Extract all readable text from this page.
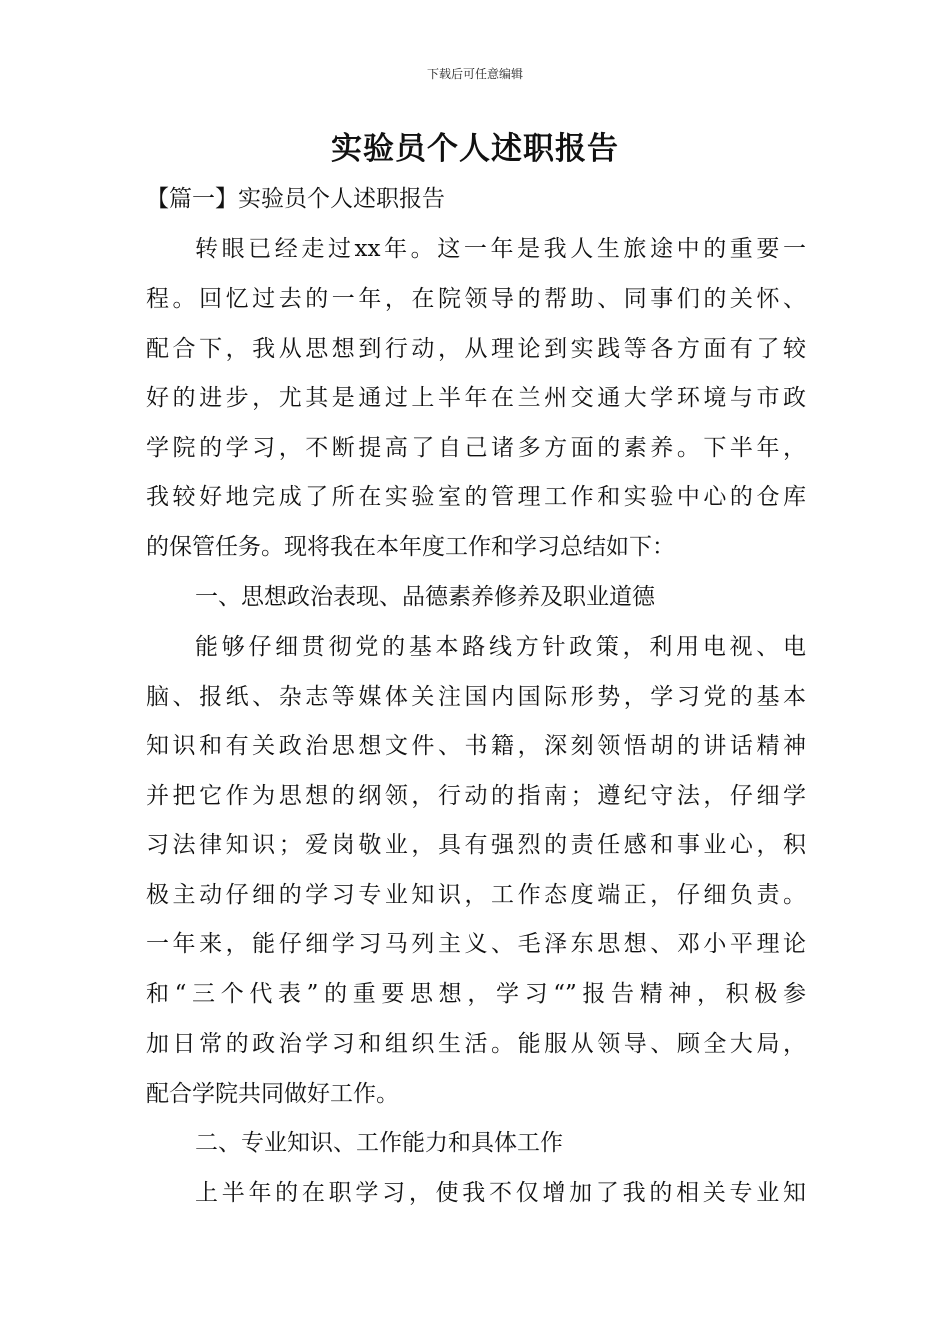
下载后可任意编辑
实验员个人述职报告
【篇一】实验员个人述职报告
转眼已经走过xx年。这一年是我人生旅途中的重要一
程。回忆过去的一年，在院领导的帮助、同事们的关怀、
配合下，我从思想到行动，从理论到实践等各方面有了较
好的进步，尤其是通过上半年在兰州交通大学环境与市政
学院的学习，不断提高了自己诸多方面的素养。下半年，
我较好地完成了所在实验室的管理工作和实验中心的仓库
的保管任务。现将我在本年度工作和学习总结如下：
一、思想政治表现、品德素养修养及职业道德
能够仔细贯彻党的基本路线方针政策，利用电视、电
脑、报纸、杂志等媒体关注国内国际形势，学习党的基本
知识和有关政治思想文件、书籍，深刻领悟胡的讲话精神
并把它作为思想的纲领，行动的指南；遵纪守法，仔细学
习法律知识；爱岗敬业，具有强烈的责任感和事业心，积
极主动仔细的学习专业知识，工作态度端正，仔细负责。
一年来，能仔细学习马列主义、毛泽东思想、邓小平理论
和“三个代表”的重要思想，学习“”报告精神，积极参
加日常的政治学习和组织生活。能服从领导、顾全大局，
配合学院共同做好工作。
二、专业知识、工作能力和具体工作
上半年的在职学习，使我不仅增加了我的相关专业知
